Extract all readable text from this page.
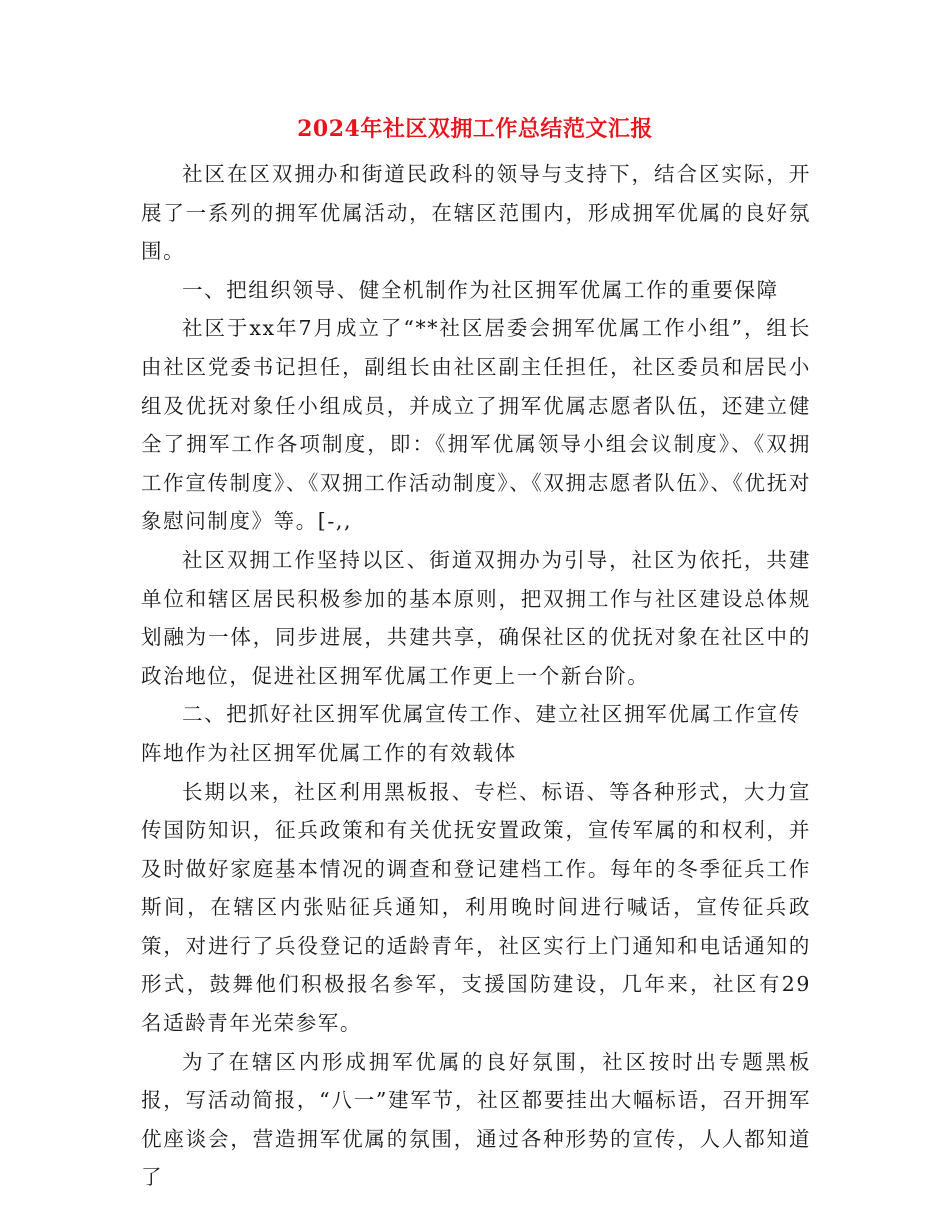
2024年社区双拥工作总结范文汇报

社区在区双拥办和街道民政科的领导与支持下，结合区实际，开展了一系列的拥军优属活动，在辖区范围内，形成拥军优属的良好氛围。

一、把组织领导、健全机制作为社区拥军优属工作的重要保障

社区于xx年7月成立了“**社区居委会拥军优属工作小组”，组长由社区党委书记担任，副组长由社区副主任担任，社区委员和居民小组及优抚对象任小组成员，并成立了拥军优属志愿者队伍，还建立健全了拥军工作各项制度，即：《拥军优属领导小组会议制度》、《双拥工作宣传制度》、《双拥工作活动制度》、《双拥志愿者队伍》、《优抚对象慰问制度》等。[-,,

社区双拥工作坚持以区、街道双拥办为引导，社区为依托，共建单位和辖区居民积极参加的基本原则，把双拥工作与社区建设总体规划融为一体，同步进展，共建共享，确保社区的优抚对象在社区中的政治地位，促进社区拥军优属工作更上一个新台阶。

二、把抓好社区拥军优属宣传工作、建立社区拥军优属工作宣传阵地作为社区拥军优属工作的有效载体

长期以来，社区利用黑板报、专栏、标语、等各种形式，大力宣传国防知识，征兵政策和有关优抚安置政策，宣传军属的和权利，并及时做好家庭基本情况的调查和登记建档工作。每年的冬季征兵工作斯间，在辖区内张贴征兵通知，利用晚时间进行喊话，宣传征兵政策，对进行了兵役登记的适龄青年，社区实行上门通知和电话通知的形式，鼓舞他们积极报名参军，支援国防建设，几年来，社区有29名适龄青年光荣参军。

为了在辖区内形成拥军优属的良好氛围，社区按时出专题黑板报，写活动简报，“八一”建军节，社区都要挂出大幅标语，召开拥军优座谈会，营造拥军优属的氛围，通过各种形势的宣传，人人都知道了
